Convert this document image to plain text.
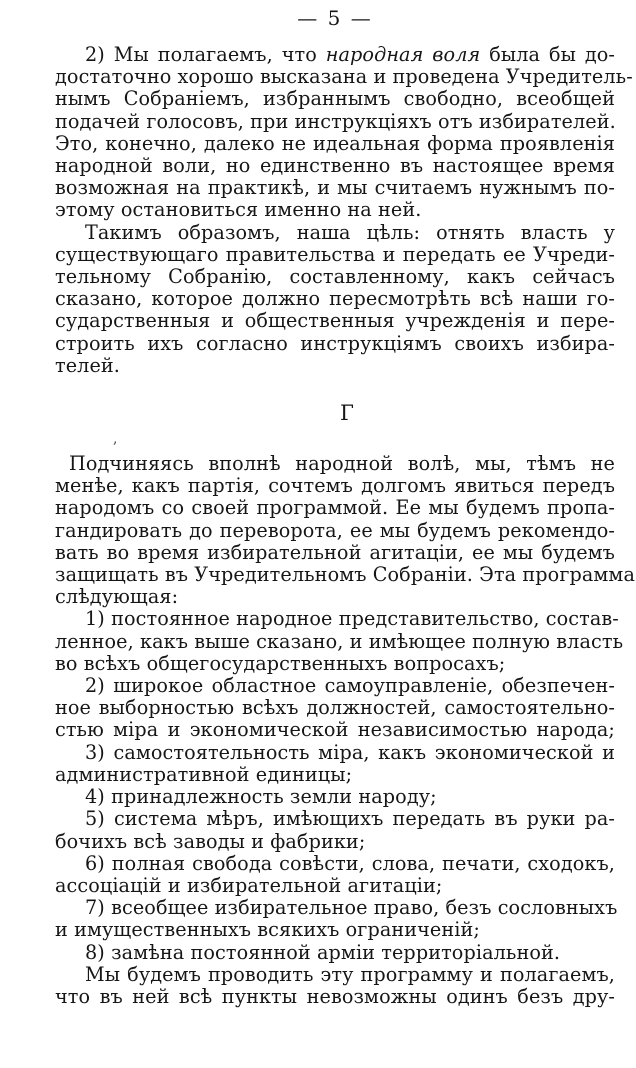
— 5 —

2) Мы полагаемъ, что народная воля была бы до-

достаточно хорошо высказана и проведена Учредитель-

нымъ Собраніемъ, избраннымъ свободно, всеобщей

подачей голосовъ, при инструкціяхъ отъ избирателей.

Это, конечно, далеко не идеальная форма проявленія

народной воли, но единственно въ настоящее время

возможная на практикѣ, и мы считаемъ нужнымъ по-

этому остановиться именно на ней.

Такимъ образомъ, наша цѣль: отнять власть у

существующаго правительства и передать ее Учреди-

тельному Собранію, составленному, какъ сейчасъ

сказано, которое должно пересмотрѣть всѣ наши го-

сударственныя и общественныя учрежденія и пере-

строить ихъ согласно инструкціямъ своихъ избира-

телей.

Г

Подчиняясь вполнѣ народной волѣ, мы, тѣмъ не

менѣе, какъ партія, сочтемъ долгомъ явиться передъ

народомъ со своей программой. Ее мы будемъ пропа-

гандировать до переворота, ее мы будемъ рекомендо-

вать во время избирательной агитаціи, ее мы будемъ

защищать въ Учредительномъ Собраніи. Эта программа

слѣдующая:

1) постоянное народное представительство, состав-

ленное, какъ выше сказано, и имѣющее полную власть

во всѣхъ общегосударственныхъ вопросахъ;

2) широкое областное самоуправленіе, обезпечен-

ное выборностью всѣхъ должностей, самостоятельно-

стью міра и экономической независимостью народа;

3) самостоятельность міра, какъ экономической и

административной единицы;

4) принадлежность земли народу;

5) система мѣръ, имѣющихъ передать въ руки ра-

бочихъ всѣ заводы и фабрики;

6) полная свобода совѣсти, слова, печати, сходокъ,

ассоціацій и избирательной агитаціи;

7) всеобщее избирательное право, безъ сословныхъ

и имущественныхъ всякихъ ограниченій;

8) замѣна постоянной арміи территоріальной.

Мы будемъ проводить эту программу и полагаемъ,

что въ ней всѣ пункты невозможны одинъ безъ дру-

,
